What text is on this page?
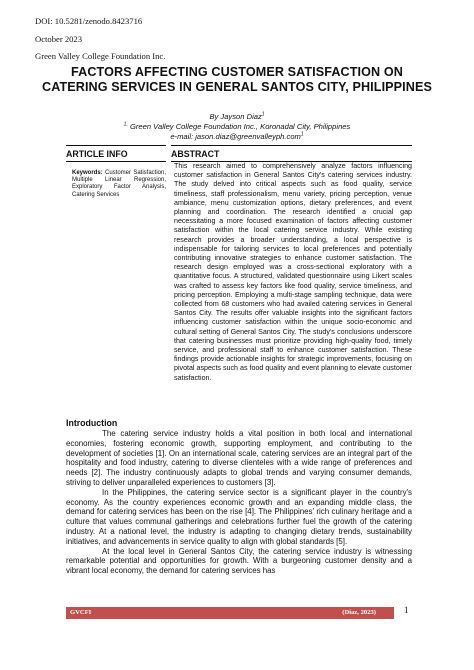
DOI: 10.5281/zenodo.8423716
October 2023
Green Valley College Foundation Inc.
FACTORS AFFECTING CUSTOMER SATISFACTION ON CATERING SERVICES IN GENERAL SANTOS CITY, PHILIPPINES
By Jayson Diaz$^1$
$^{1,}$ Green Valley College Foundation Inc., Koronadal City, Philippines
e-mail: jason.diaz@greenvalleyph.com$^1$
ARTICLE INFO	ABSTRACT
Keywords: Customer Satisfaction, Multiple Linear Regression, Exploratory Factor Analysis, Catering Services
This research aimed to comprehensively analyze factors influencing customer satisfaction in General Santos City's catering services industry. The study delved into critical aspects such as food quality, service timeliness, staff professionalism, menu variety, pricing perception, venue ambiance, menu customization options, dietary preferences, and event planning and coordination. The research identified a crucial gap necessitating a more focused examination of factors affecting customer satisfaction within the local catering service industry. While existing research provides a broader understanding, a local perspective is indispensable for tailoring services to local preferences and potentially contributing innovative strategies to enhance customer satisfaction. The research design employed was a cross-sectional exploratory with a quantitative focus. A structured, validated questionnaire using Likert scales was crafted to assess key factors like food quality, service timeliness, and pricing perception. Employing a multi-stage sampling technique, data were collected from 68 customers who had availed catering services in General Santos City. The results offer valuable insights into the significant factors influencing customer satisfaction within the unique socio-economic and cultural setting of General Santos City. The study's conclusions underscore that catering businesses must prioritize providing high-quality food, timely service, and professional staff to enhance customer satisfaction. These findings provide actionable insights for strategic improvements, focusing on pivotal aspects such as food quality and event planning to elevate customer satisfaction.
Introduction

The catering service industry holds a vital position in both local and international economies, fostering economic growth, supporting employment, and contributing to the development of societies [1]. On an international scale, catering services are an integral part of the hospitality and food industry, catering to diverse clienteles with a wide range of preferences and needs [2]. The industry continuously adapts to global trends and varying consumer demands, striving to deliver unparalleled experiences to customers [3].

In the Philippines, the catering service sector is a significant player in the country's economy. As the country experiences economic growth and an expanding middle class, the demand for catering services has been on the rise [4]. The Philippines' rich culinary heritage and a culture that values communal gatherings and celebrations further fuel the growth of the catering industry. At a national level, the industry is adapting to changing dietary trends, sustainability initiatives, and advancements in service quality to align with global standards [5].

At the local level in General Santos City, the catering service industry is witnessing remarkable potential and opportunities for growth. With a burgeoning customer density and a vibrant local economy, the demand for catering services has

GVCFI	(Diaz, 2023)	1
